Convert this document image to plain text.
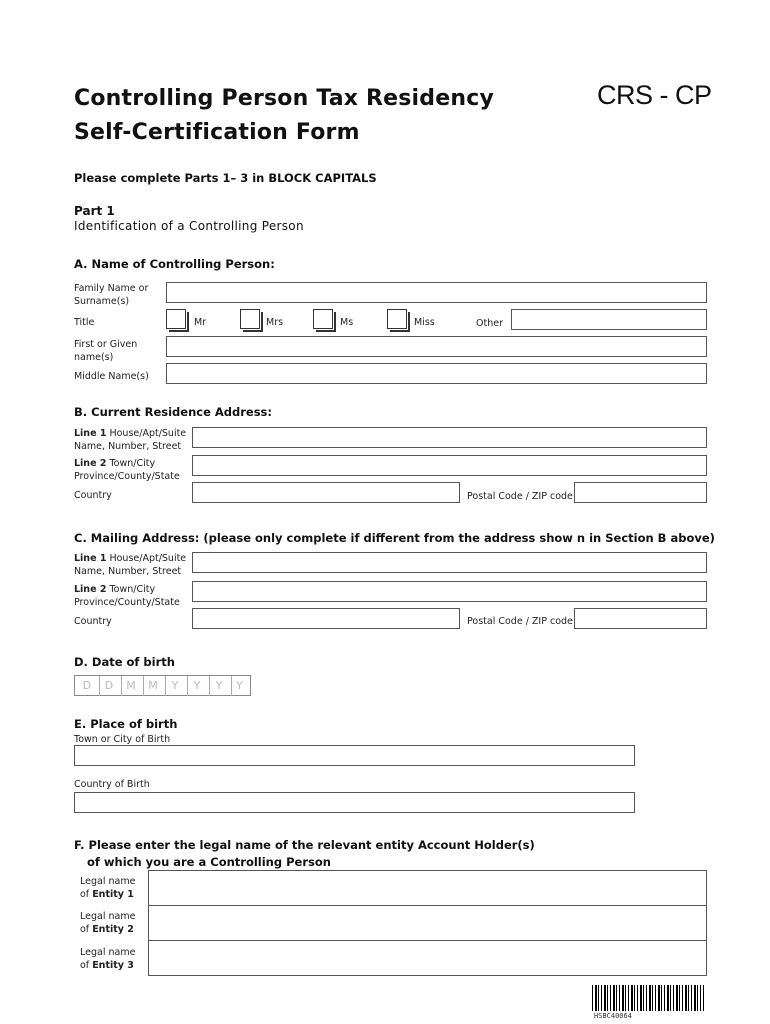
Controlling Person Tax Residency
Self-Certification Form
CRS - CP
Please complete Parts 1– 3 in BLOCK CAPITALS
Part 1
Identification of a Controlling Person
A. Name of Controlling Person:
Family Name or
Surname(s)
Title	Mr	Mrs	Ms	Miss	Other
First or Given
name(s)
Middle Name(s)
B. Current Residence Address:
Line 1 House/Apt/Suite
Name, Number, Street
Line 2 Town/City
Province/County/State
Country	Postal Code / ZIP code
C. Mailing Address: (please only complete if different from the address show n in Section B above)
Line 1 House/Apt/Suite
Name, Number, Street
Line 2 Town/City
Province/County/State
Country	Postal Code / ZIP code
D. Date of birth
D	D	M	M	Y	Y	Y	Y
E. Place of birth
Town or City of Birth
Country of Birth
F. Please enter the legal name of the relevant entity Account Holder(s)
of which you are a Controlling Person
Legal name
of Entity 1
Legal name
of Entity 2
Legal name
of Entity 3
HSBC40064
